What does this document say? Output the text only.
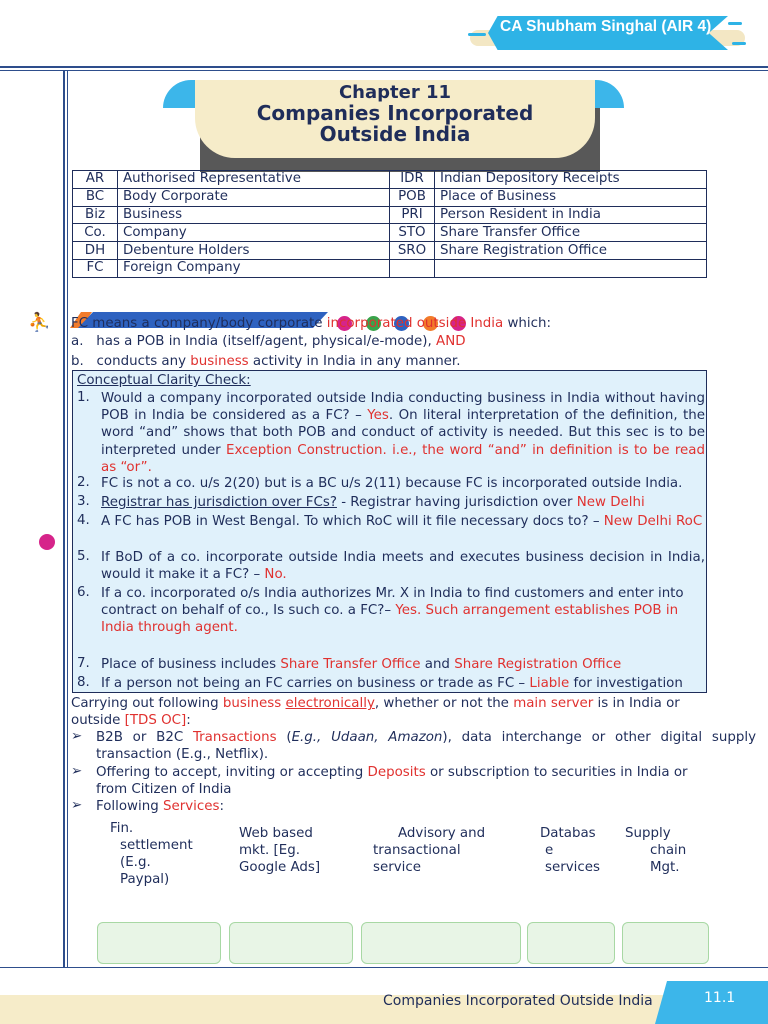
CA Shubham Singhal (AIR 4)
Chapter 11
Companies Incorporated
Outside India
AR	Authorised Representative	IDR	Indian Depository Receipts
BC	Body Corporate	POB	Place of Business
Biz	Business	PRI	Person Resident in India
Co.	Company	STO	Share Transfer Office
DH	Debenture Holders	SRO	Share Registration Office
FC	Foreign Company		
⛹	FC means a company/body corporate incorporated outside India which:
a. has a POB in India (itself/agent, physical/e-mode), AND
b. conducts any business activity in India in any manner.
Conceptual Clarity Check:
1. Would a company incorporated outside India conducting business in India without having POB in India be considered as a FC? – Yes. On literal interpretation of the definition, the word “and” shows that both POB and conduct of activity is needed. But this sec is to be interpreted under Exception Construction. i.e., the word “and” in definition is to be read as “or”.
2. FC is not a co. u/s 2(20) but is a BC u/s 2(11) because FC is incorporated outside India.
3. Registrar has jurisdiction over FCs? - Registrar having jurisdiction over New Delhi
4. A FC has POB in West Bengal. To which RoC will it file necessary docs to? – New Delhi RoC
5. If BoD of a co. incorporate outside India meets and executes business decision in India, would it make it a FC? – No.
6. If a co. incorporated o/s India authorizes Mr. X in India to find customers and enter into
contract on behalf of co., Is such co. a FC?– Yes. Such arrangement establishes POB in India through agent.
7. Place of business includes Share Transfer Office and Share Registration Office
8. If a person not being an FC carries on business or trade as FC – Liable for investigation
Carrying out following business electronically, whether or not the main server is in India or outside [TDS OC]:
➢ B2B or B2C Transactions (E.g., Udaan, Amazon), data interchange or other digital supply transaction (E.g., Netflix).
➢ Offering to accept, inviting or accepting Deposits or subscription to securities in India or from Citizen of India
➢ Following Services:
Fin.
settlement
(E.g.
Paypal)
Web based
mkt. [Eg.
Google Ads]
Advisory and
transactional
service
Databas
e
services
Supply
chain
Mgt.
Companies Incorporated Outside India	11.1
